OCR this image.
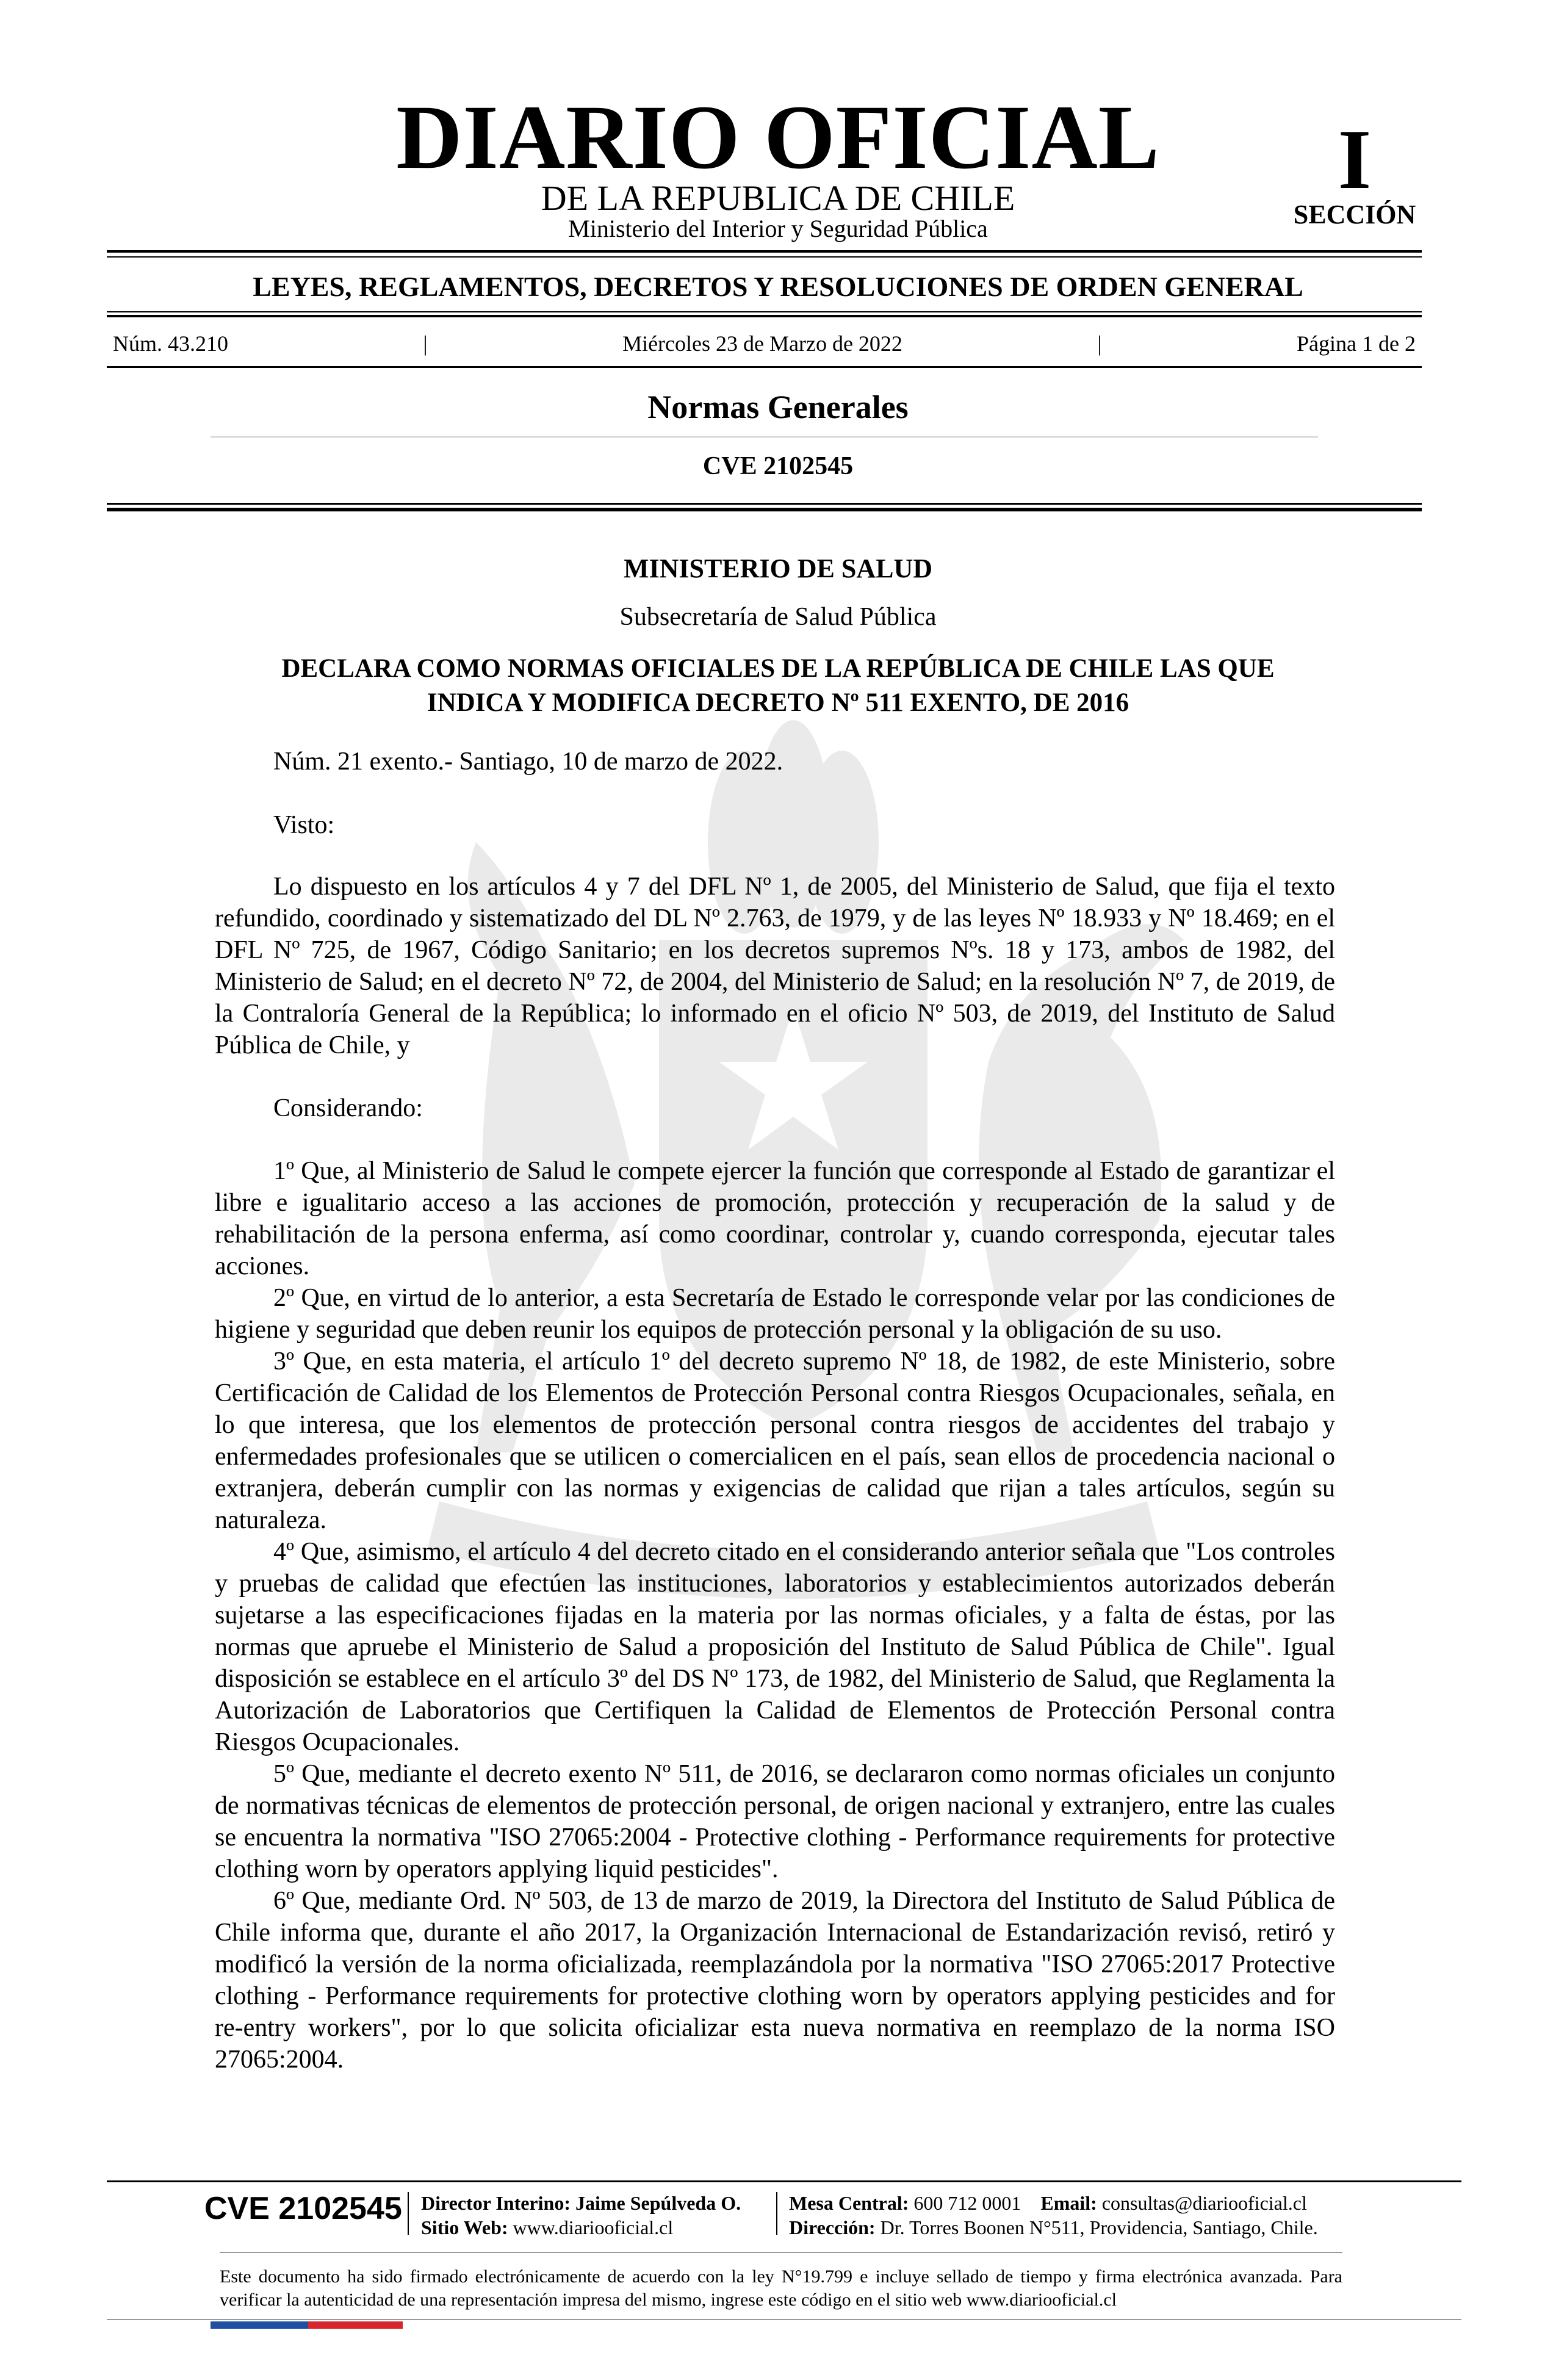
DIARIO OFICIAL
DE LA REPUBLICA DE CHILE
Ministerio del Interior y Seguridad Pública
I
SECCIÓN
LEYES, REGLAMENTOS, DECRETOS Y RESOLUCIONES DE ORDEN GENERAL
Núm. 43.210	|	Miércoles 23 de Marzo de 2022	|	Página 1 de 2
Normas Generales
CVE 2102545
MINISTERIO DE SALUD
Subsecretaría de Salud Pública
DECLARA COMO NORMAS OFICIALES DE LA REPÚBLICA DE CHILE LAS QUE
INDICA Y MODIFICA DECRETO Nº 511 EXENTO, DE 2016
Núm. 21 exento.- Santiago, 10 de marzo de 2022.
Visto:

Lo dispuesto en los artículos 4 y 7 del DFL Nº 1, de 2005, del Ministerio de Salud, que fija el texto refundido, coordinado y sistematizado del DL Nº 2.763, de 1979, y de las leyes Nº 18.933 y Nº 18.469; en el DFL Nº 725, de 1967, Código Sanitario; en los decretos supremos Nºs. 18 y 173, ambos de 1982, del Ministerio de Salud; en el decreto Nº 72, de 2004, del Ministerio de Salud; en la resolución Nº 7, de 2019, de la Contraloría General de la República; lo informado en el oficio Nº 503, de 2019, del Instituto de Salud Pública de Chile, y

Considerando:

1º Que, al Ministerio de Salud le compete ejercer la función que corresponde al Estado de garantizar el libre e igualitario acceso a las acciones de promoción, protección y recuperación de la salud y de rehabilitación de la persona enferma, así como coordinar, controlar y, cuando corresponda, ejecutar tales acciones.

2º Que, en virtud de lo anterior, a esta Secretaría de Estado le corresponde velar por las condiciones de higiene y seguridad que deben reunir los equipos de protección personal y la obligación de su uso.

3º Que, en esta materia, el artículo 1º del decreto supremo Nº 18, de 1982, de este Ministerio, sobre Certificación de Calidad de los Elementos de Protección Personal contra Riesgos Ocupacionales, señala, en lo que interesa, que los elementos de protección personal contra riesgos de accidentes del trabajo y enfermedades profesionales que se utilicen o comercialicen en el país, sean ellos de procedencia nacional o extranjera, deberán cumplir con las normas y exigencias de calidad que rijan a tales artículos, según su naturaleza.

4º Que, asimismo, el artículo 4 del decreto citado en el considerando anterior señala que "Los controles y pruebas de calidad que efectúen las instituciones, laboratorios y establecimientos autorizados deberán sujetarse a las especificaciones fijadas en la materia por las normas oficiales, y a falta de éstas, por las normas que apruebe el Ministerio de Salud a proposición del Instituto de Salud Pública de Chile". Igual disposición se establece en el artículo 3º del DS Nº 173, de 1982, del Ministerio de Salud, que Reglamenta la Autorización de Laboratorios que Certifiquen la Calidad de Elementos de Protección Personal contra Riesgos Ocupacionales.

5º Que, mediante el decreto exento Nº 511, de 2016, se declararon como normas oficiales un conjunto de normativas técnicas de elementos de protección personal, de origen nacional y extranjero, entre las cuales se encuentra la normativa "ISO 27065:2004 - Protective clothing - Performance requirements for protective clothing worn by operators applying liquid pesticides".

6º Que, mediante Ord. Nº 503, de 13 de marzo de 2019, la Directora del Instituto de Salud Pública de Chile informa que, durante el año 2017, la Organización Internacional de Estandarización revisó, retiró y modificó la versión de la norma oficializada, reemplazándola por la normativa "ISO 27065:2017 Protective clothing - Performance requirements for protective clothing worn by operators applying pesticides and for re-entry workers", por lo que solicita oficializar esta nueva normativa en reemplazo de la norma ISO 27065:2004.

CVE 2102545 Director Interino: Jaime Sepúlveda O.
Sitio Web: www.diariooficial.cl
Mesa Central: 600 712 0001 Email: consultas@diariooficial.cl
Dirección: Dr. Torres Boonen N°511, Providencia, Santiago, Chile.
Este documento ha sido firmado electrónicamente de acuerdo con la ley N°19.799 e incluye sellado de tiempo y firma electrónica avanzada. Para verificar la autenticidad de una representación impresa del mismo, ingrese este código en el sitio web www.diariooficial.cl
